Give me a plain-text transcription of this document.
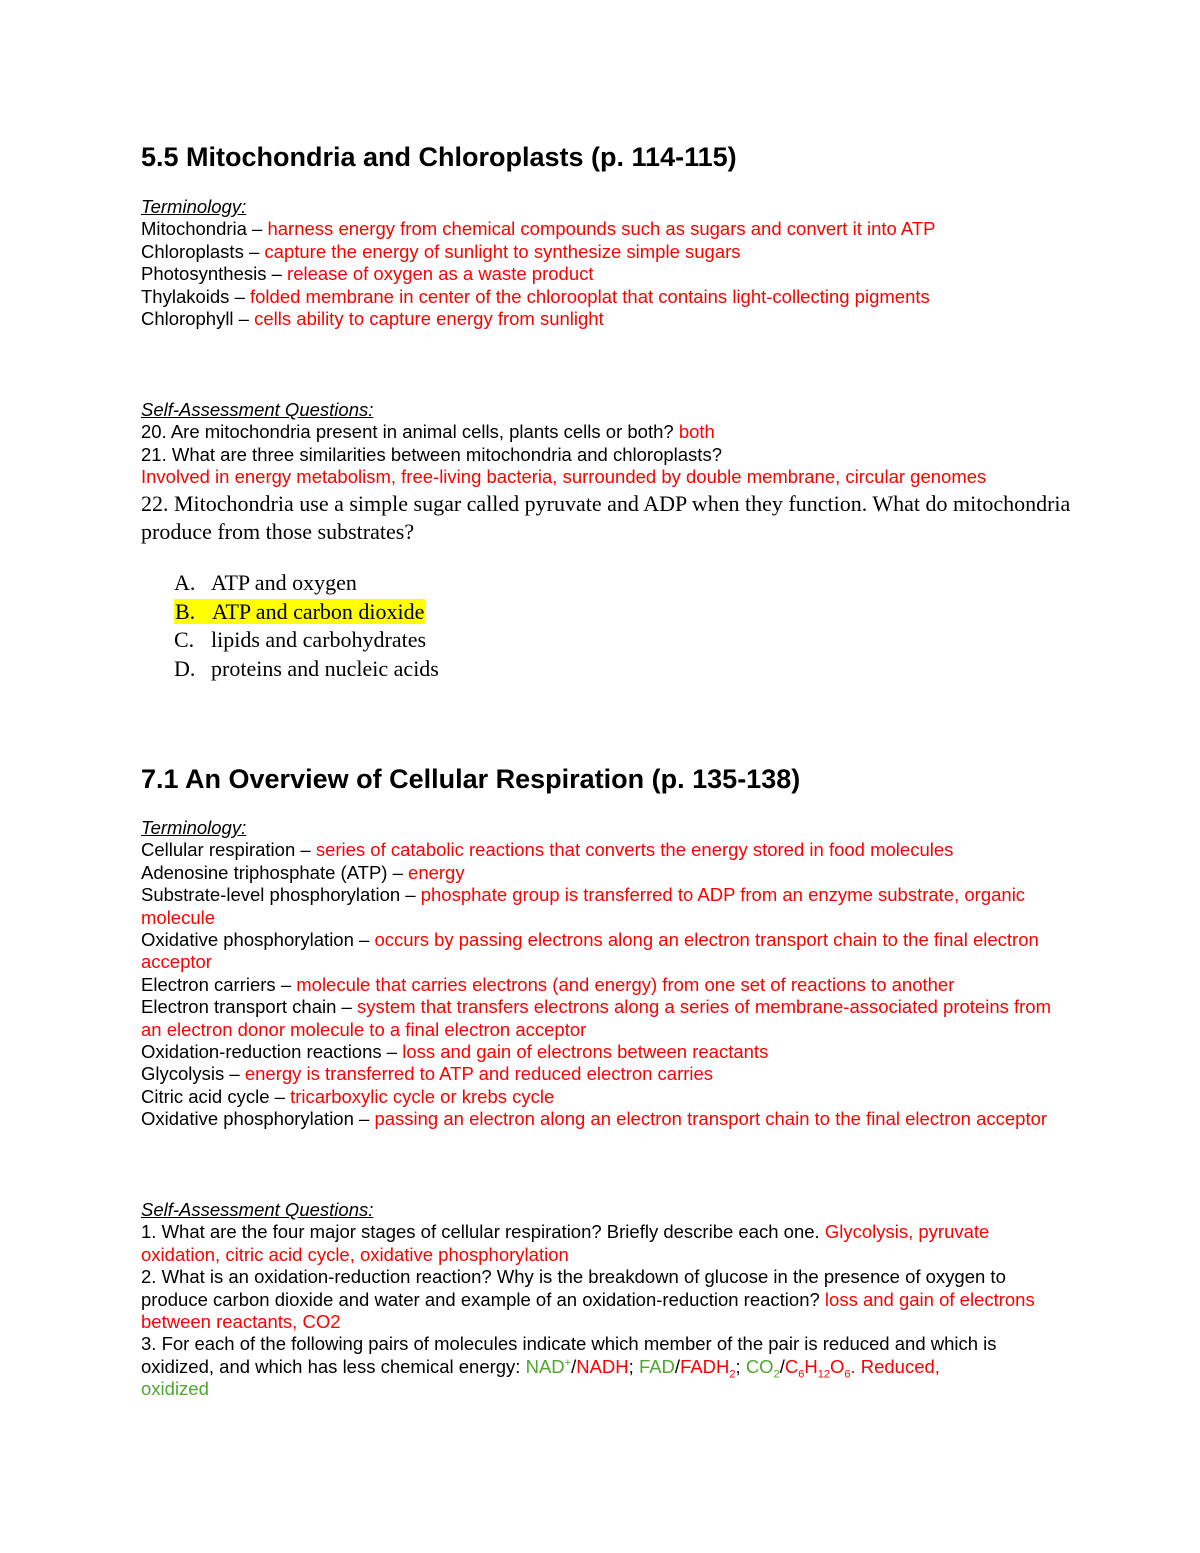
5.5 Mitochondria and Chloroplasts (p. 114-115)
Terminology:
Mitochondria – harness energy from chemical compounds such as sugars and convert it into ATP
Chloroplasts – capture the energy of sunlight to synthesize simple sugars
Photosynthesis – release of oxygen as a waste product
Thylakoids – folded membrane in center of the chlorooplat that contains light-collecting pigments
Chlorophyll – cells ability to capture energy from sunlight
Self-Assessment Questions:
20. Are mitochondria present in animal cells, plants cells or both? both
21. What are three similarities between mitochondria and chloroplasts?
Involved in energy metabolism, free-living bacteria, surrounded by double membrane, circular genomes
22. Mitochondria use a simple sugar called pyruvate and ADP when they function. What do mitochondria produce from those substrates?
A. ATP and oxygen
B. ATP and carbon dioxide
C. lipids and carbohydrates
D. proteins and nucleic acids
7.1 An Overview of Cellular Respiration (p. 135-138)
Terminology:
Cellular respiration – series of catabolic reactions that converts the energy stored in food molecules
Adenosine triphosphate (ATP) – energy
Substrate-level phosphorylation – phosphate group is transferred to ADP from an enzyme substrate, organic molecule
Oxidative phosphorylation – occurs by passing electrons along an electron transport chain to the final electron acceptor
Electron carriers – molecule that carries electrons (and energy) from one set of reactions to another
Electron transport chain – system that transfers electrons along a series of membrane-associated proteins from an electron donor molecule to a final electron acceptor
Oxidation-reduction reactions – loss and gain of electrons between reactants
Glycolysis – energy is transferred to ATP and reduced electron carries
Citric acid cycle – tricarboxylic cycle or krebs cycle
Oxidative phosphorylation – passing an electron along an electron transport chain to the final electron acceptor
Self-Assessment Questions:
1. What are the four major stages of cellular respiration? Briefly describe each one. Glycolysis, pyruvate oxidation, citric acid cycle, oxidative phosphorylation
2. What is an oxidation-reduction reaction? Why is the breakdown of glucose in the presence of oxygen to produce carbon dioxide and water and example of an oxidation-reduction reaction? loss and gain of electrons between reactants, CO2
3. For each of the following pairs of molecules indicate which member of the pair is reduced and which is oxidized, and which has less chemical energy: NAD+/NADH; FAD/$FADH_2$; $CO_2/C_6H_{12}O_6$. Reduced,
oxidized
